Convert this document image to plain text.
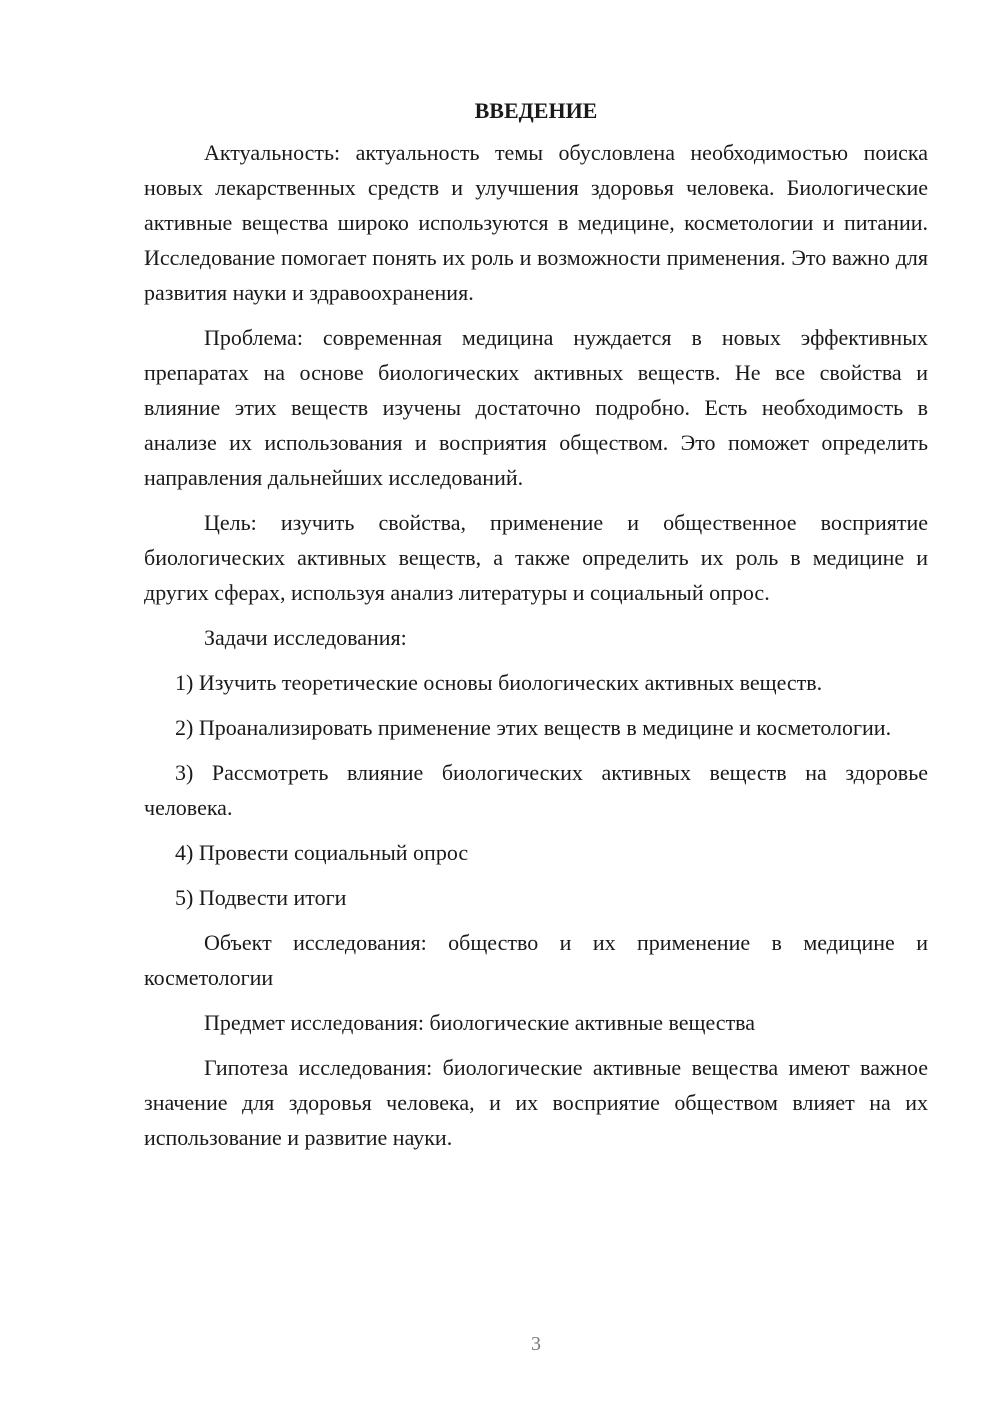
ВВЕДЕНИЕ

Актуальность: актуальность темы обусловлена необходимостью поиска новых лекарственных средств и улучшения здоровья человека. Биологические активные вещества широко используются в медицине, косметологии и питании. Исследование помогает понять их роль и возможности применения. Это важно для развития науки и здравоохранения.

Проблема: современная медицина нуждается в новых эффективных препаратах на основе биологических активных веществ. Не все свойства и влияние этих веществ изучены достаточно подробно. Есть необходимость в анализе их использования и восприятия обществом. Это поможет определить направления дальнейших исследований.

Цель: изучить свойства, применение и общественное восприятие биологических активных веществ, а также определить их роль в медицине и других сферах, используя анализ литературы и социальный опрос.

Задачи исследования:

1) Изучить теоретические основы биологических активных веществ.

2) Проанализировать применение этих веществ в медицине и косметологии.

3) Рассмотреть влияние биологических активных веществ на здоровье человека.

4) Провести социальный опрос

5) Подвести итоги

Объект исследования: общество и их применение в медицине и косметологии

Предмет исследования: биологические активные вещества

Гипотеза исследования: биологические активные вещества имеют важное значение для здоровья человека, и их восприятие обществом влияет на их использование и развитие науки.

3
